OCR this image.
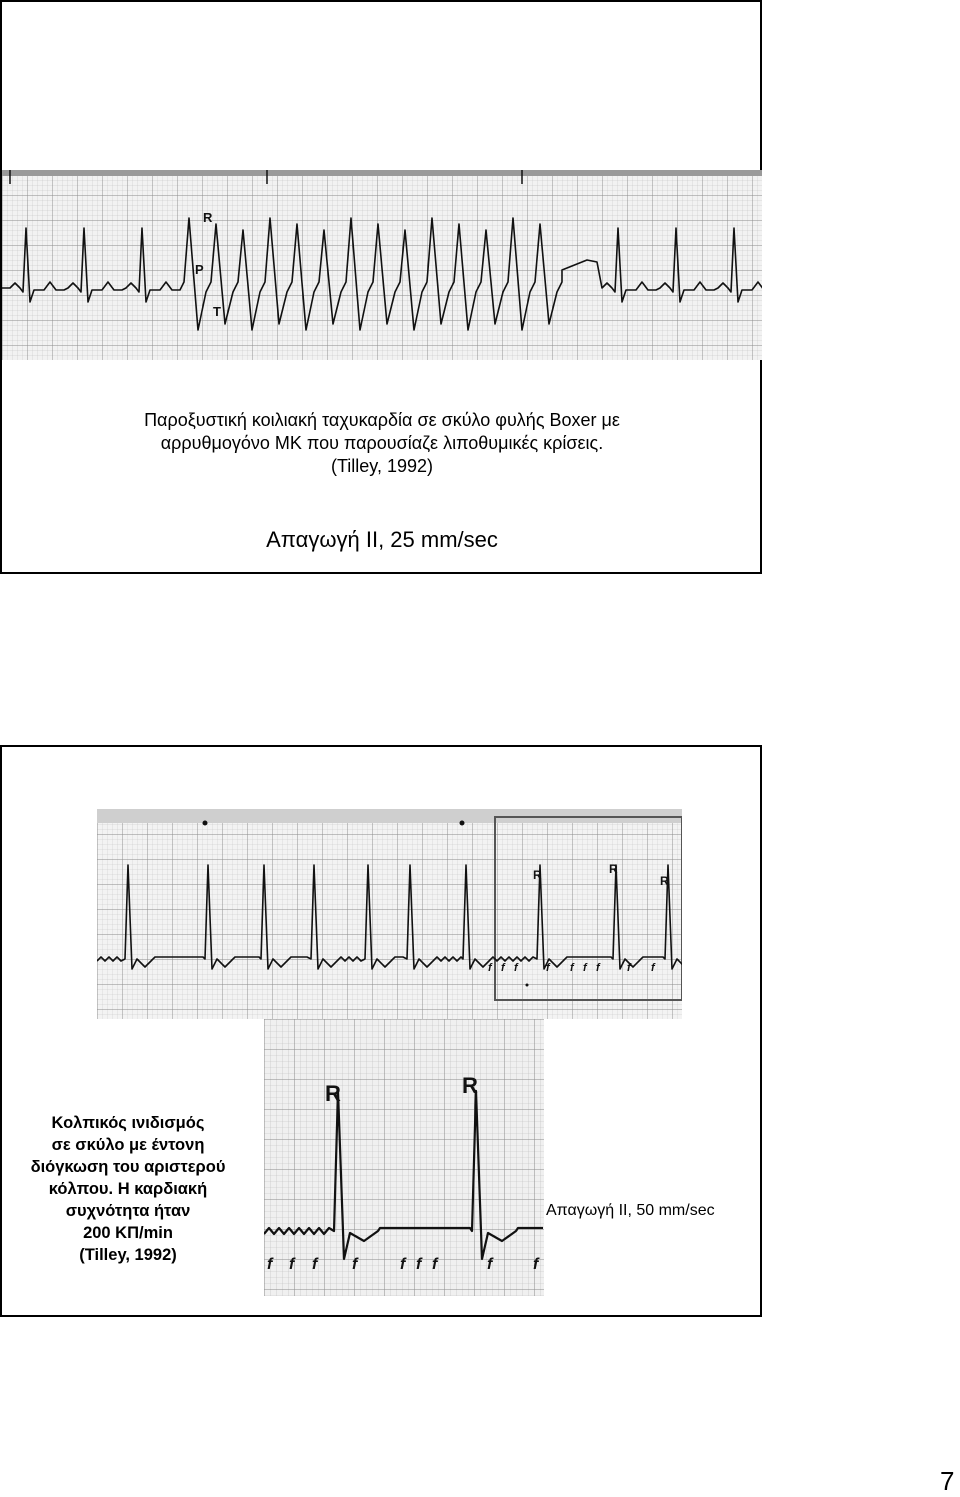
R
P
T
Παροξυστική κοιλιακή ταχυκαρδία σε σκύλο φυλής Boxer με
αρρυθμογόνο ΜΚ που παρουσίαζε λιποθυμικές κρίσεις.
(Tilley, 1992)
Απαγωγή ΙΙ, 25 mm/sec
R	R
R
f f f	f f f f f f
R	R
f f f f	f f f	f	f
Κολπικός ινιδισμός
σε σκύλο με έντονη
διόγκωση του αριστερού
κόλπου. Η καρδιακή
συχνότητα ήταν
200 ΚΠ/min
(Tilley, 1992)
Απαγωγή ΙΙ, 50 mm/sec
7
